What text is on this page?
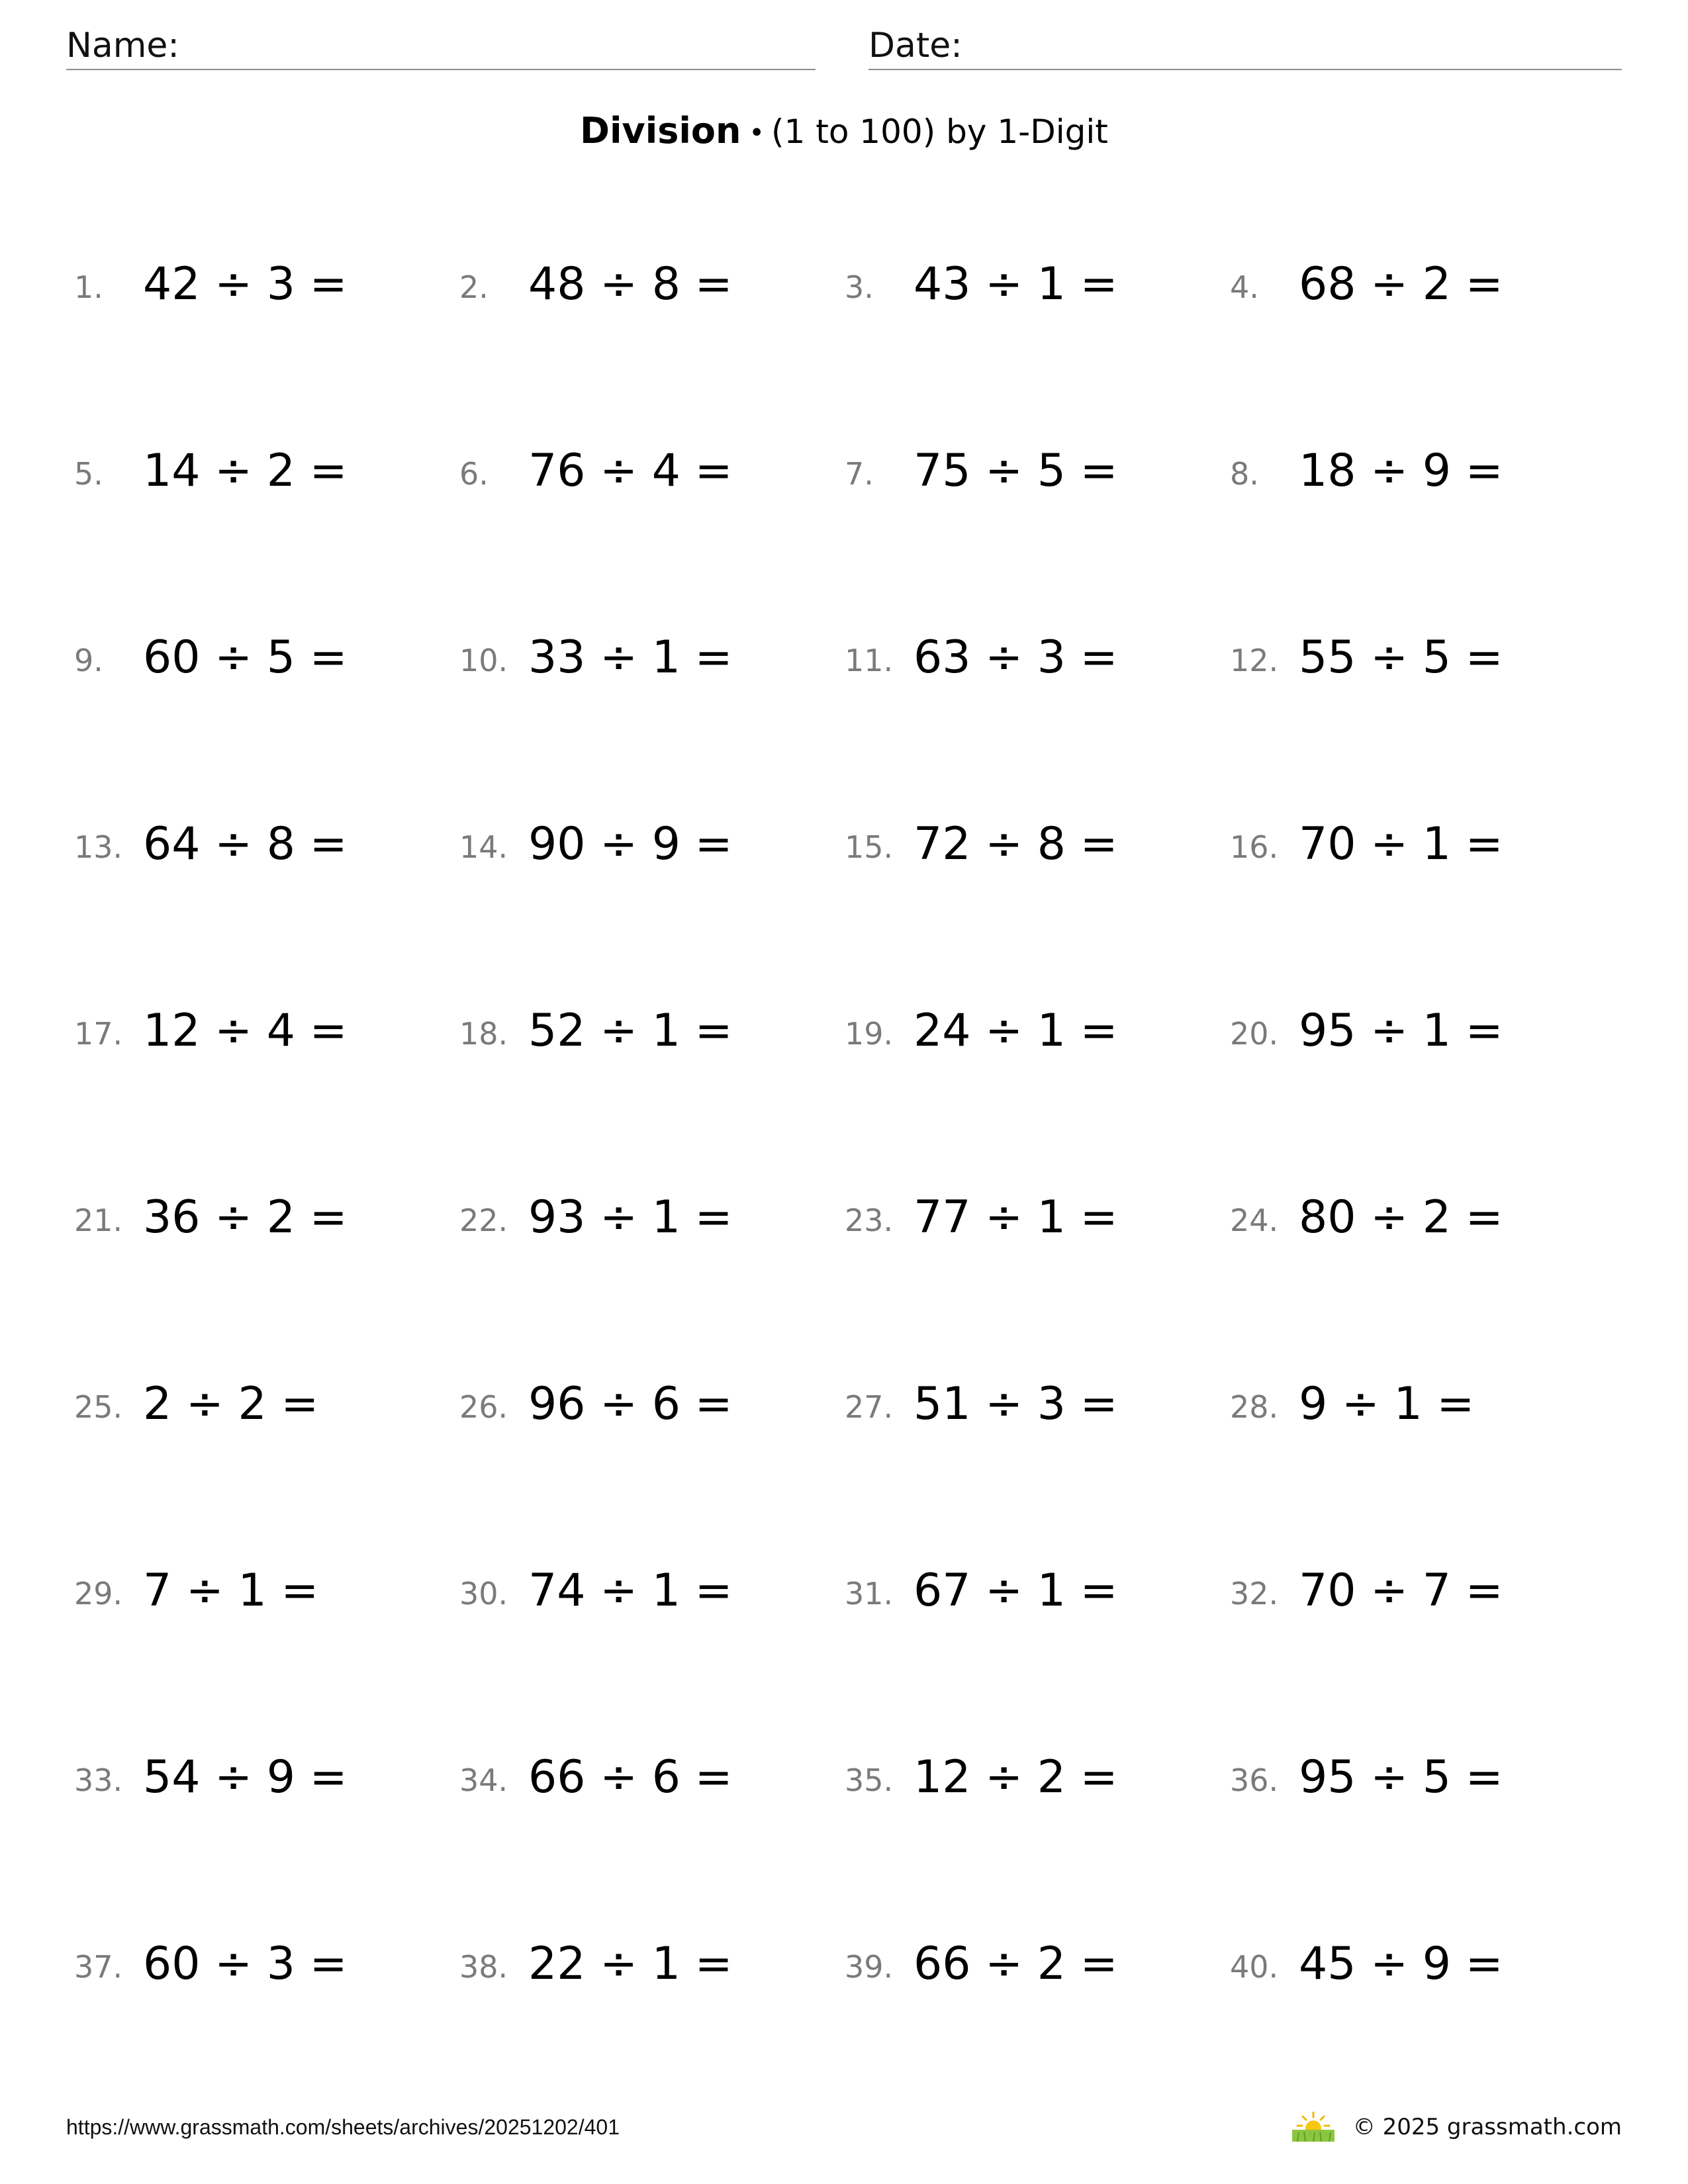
Name:	Date:
Division • (1 to 100) by 1-Digit
1. 42 ÷ 3 =	2. 48 ÷ 8 =	3. 43 ÷ 1 =	4. 68 ÷ 2 =
5. 14 ÷ 2 =	6. 76 ÷ 4 =	7. 75 ÷ 5 =	8. 18 ÷ 9 =
9. 60 ÷ 5 =	10. 33 ÷ 1 =	11. 63 ÷ 3 =	12. 55 ÷ 5 =
13. 64 ÷ 8 =	14. 90 ÷ 9 =	15. 72 ÷ 8 =	16. 70 ÷ 1 =
17. 12 ÷ 4 =	18. 52 ÷ 1 =	19. 24 ÷ 1 =	20. 95 ÷ 1 =
21. 36 ÷ 2 =	22. 93 ÷ 1 =	23. 77 ÷ 1 =	24. 80 ÷ 2 =
25. 2 ÷ 2 =	26. 96 ÷ 6 =	27. 51 ÷ 3 =	28. 9 ÷ 1 =
29. 7 ÷ 1 =	30. 74 ÷ 1 =	31. 67 ÷ 1 =	32. 70 ÷ 7 =
33. 54 ÷ 9 =	34. 66 ÷ 6 =	35. 12 ÷ 2 =	36. 95 ÷ 5 =
37. 60 ÷ 3 =	38. 22 ÷ 1 =	39. 66 ÷ 2 =	40. 45 ÷ 9 =
https://www.grassmath.com/sheets/archives/20251202/401	© 2025 grassmath.com
